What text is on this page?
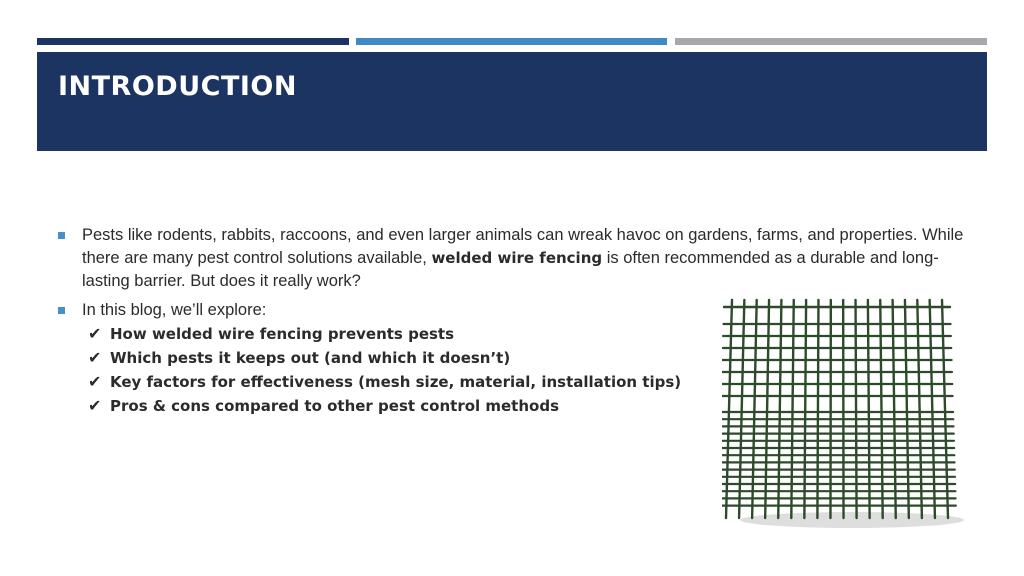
INTRODUCTION
Pests like rodents, rabbits, raccoons, and even larger animals can wreak havoc on gardens, farms, and properties. While there are many pest control solutions available, welded wire fencing is often recommended as a durable and long-lasting barrier. But does it really work?
In this blog, we’ll explore:
✔ How welded wire fencing prevents pests
✔ Which pests it keeps out (and which it doesn’t)
✔ Key factors for effectiveness (mesh size, material, installation tips)
✔ Pros & cons compared to other pest control methods
